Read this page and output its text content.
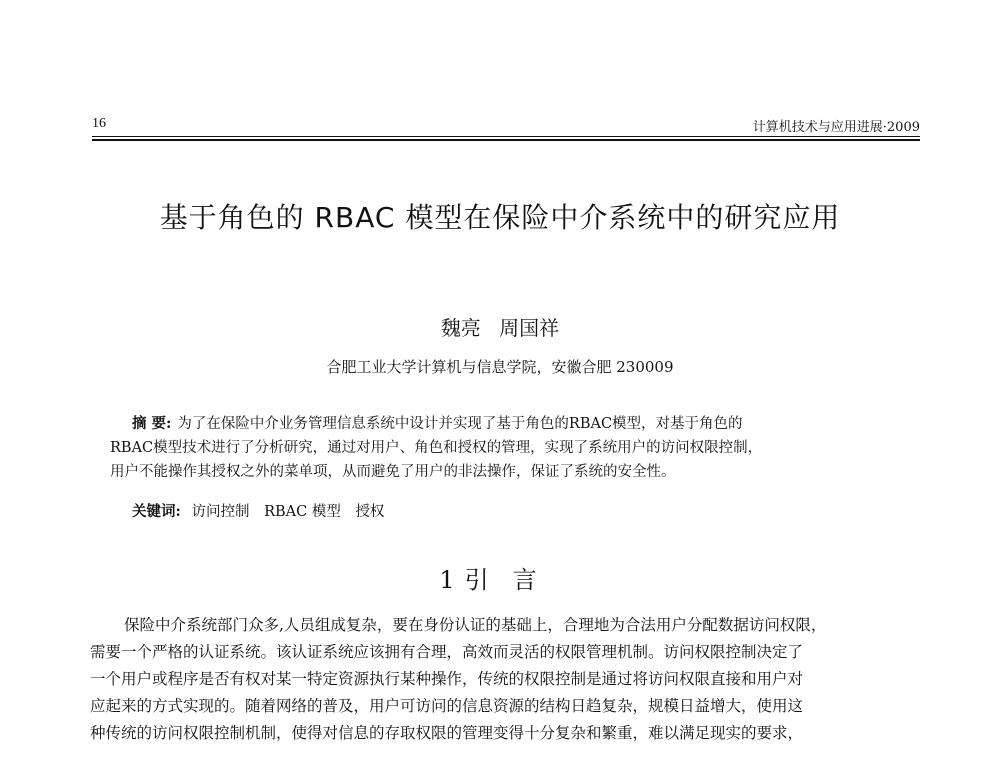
16	计算机技术与应用进展·2009
基于角色的 RBAC 模型在保险中介系统中的研究应用
魏亮 周国祥
合肥工业大学计算机与信息学院，安徽合肥 230009
摘 要: 为了在保险中介业务管理信息系统中设计并实现了基于角色的RBAC模型，对基于角色的
RBAC模型技术进行了分析研究，通过对用户、角色和授权的管理，实现了系统用户的访问权限控制，
用户不能操作其授权之外的菜单项，从而避免了用户的非法操作，保证了系统的安全性。
关键词: 访问控制 RBAC 模型 授权
1 引言
保险中介系统部门众多,人员组成复杂，要在身份认证的基础上，合理地为合法用户分配数据访问权限，
需要一个严格的认证系统。该认证系统应该拥有合理，高效而灵活的权限管理机制。访问权限控制决定了
一个用户或程序是否有权对某一特定资源执行某种操作，传统的权限控制是通过将访问权限直接和用户对
应起来的方式实现的。随着网络的普及，用户可访问的信息资源的结构日趋复杂，规模日益增大，使用这
种传统的访问权限控制机制，使得对信息的存取权限的管理变得十分复杂和繁重，难以满足现实的要求，
